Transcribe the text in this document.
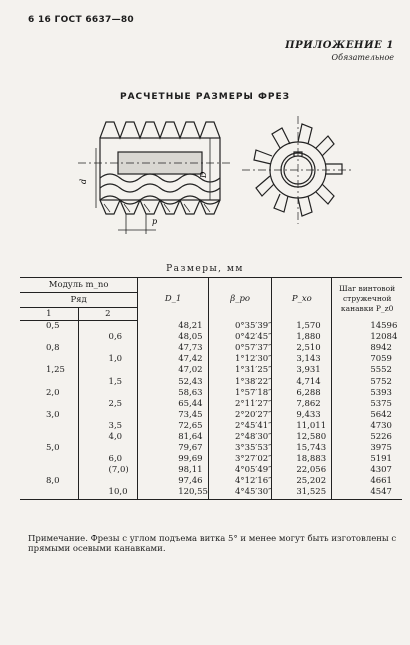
6 16 ГОСТ 6637—80
ПРИЛОЖЕНИЕ 1
Обязательное
РАСЧЕТНЫЕ РАЗМЕРЫ ФРЕЗ
d
D
p
Размеры, мм
Модуль m_no		D_1	β_po	P_xo	Шаг винтовой стружечной канавки P_z0
Ряд					
1	2				
0,5		48,21	0°35′39″	1,570	14596
	0,6	48,05	0°42′45″	1,880	12084
0,8		47,73	0°57′37″	2,510	8942
	1,0	47,42	1°12′30″	3,143	7059
1,25		47,02	1°31′25″	3,931	5552
	1,5	52,43	1°38′22″	4,714	5752
2,0		58,63	1°57′18″	6,288	5393
	2,5	65,44	2°11′27″	7,862	5375
3,0		73,45	2°20′27″	9,433	5642
	3,5	72,65	2°45′41″	11,011	4730
	4,0	81,64	2°48′30″	12,580	5226
5,0		79,67	3°35′53″	15,743	3975
	6,0	99,69	3°27′02″	18,883	5191
	(7,0)	98,11	4°05′49″	22,056	4307
8,0		97,46	4°12′16″	25,202	4661
	10,0	120,55	4°45′30″	31,525	4547
Примечание. Фрезы с углом подъема витка 5° и менее могут быть изготовлены с прямыми осевыми канавками.
